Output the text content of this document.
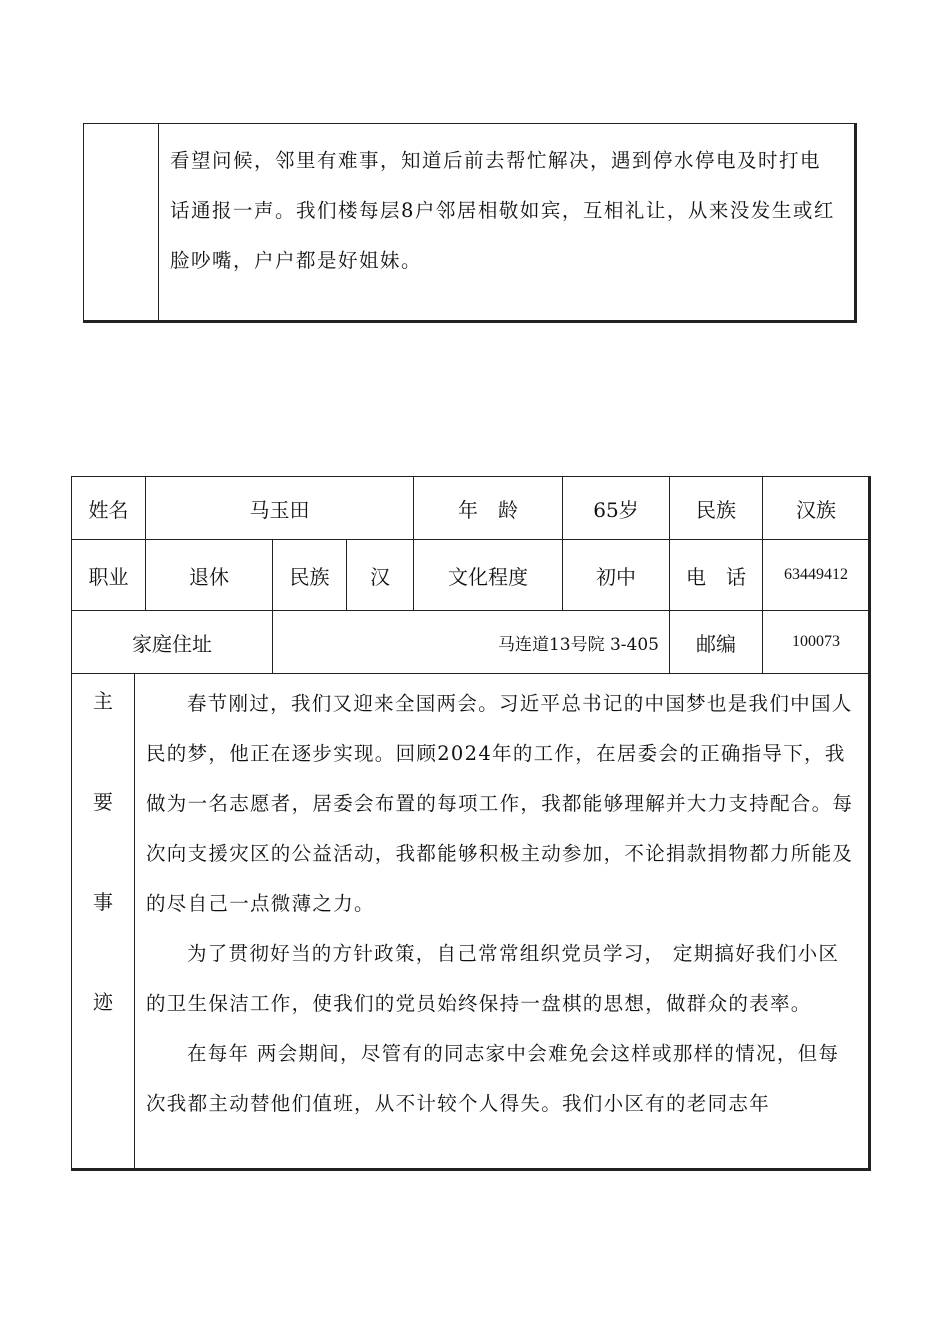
看望问候，邻里有难事，知道后前去帮忙解决，遇到停水停电及时打电话通报一声。我们楼每层8户邻居相敬如宾，互相礼让，从来没发生或红脸吵嘴，户户都是好姐妹。
姓名	马玉田	年　龄	65岁	民族	汉族
职业	退休	民族	汉	文化程度	初中	电　话	63449412
家庭住址	马连道13号院 3-405	邮编	100073
主
要
事
迹

春节刚过，我们又迎来全国两会。习近平总书记的中国梦也是我们中国人民的梦，他正在逐步实现。回顾2024年的工作，在居委会的正确指导下，我做为一名志愿者，居委会布置的每项工作，我都能够理解并大力支持配合。每次向支援灾区的公益活动，我都能够积极主动参加，不论捐款捐物都力所能及的尽自己一点微薄之力。

为了贯彻好当的方针政策，自己常常组织党员学习， 定期搞好我们小区的卫生保洁工作，使我们的党员始终保持一盘棋的思想，做群众的表率。

在每年 两会期间，尽管有的同志家中会难免会这样或那样的情况，但每次我都主动替他们值班，从不计较个人得失。我们小区有的老同志年
